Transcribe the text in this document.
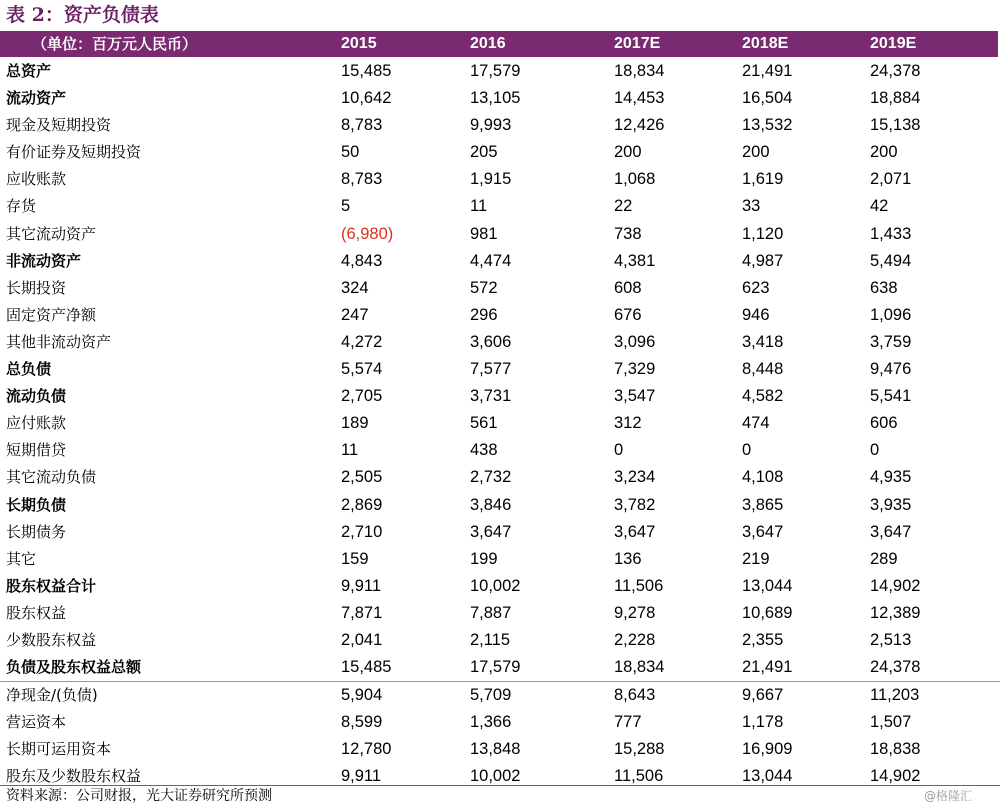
表 2：资产负债表
（单位：百万元人民币）	2015	2016	2017E	2018E	2019E
总资产	15,485	17,579	18,834	21,491	24,378
流动资产	10,642	13,105	14,453	16,504	18,884
现金及短期投资	8,783	9,993	12,426	13,532	15,138
有价证券及短期投资	50	205	200	200	200
应收账款	8,783	1,915	1,068	1,619	2,071
存货	5	11	22	33	42
其它流动资产	(6,980)	981	738	1,120	1,433
非流动资产	4,843	4,474	4,381	4,987	5,494
长期投资	324	572	608	623	638
固定资产净额	247	296	676	946	1,096
其他非流动资产	4,272	3,606	3,096	3,418	3,759
总负债	5,574	7,577	7,329	8,448	9,476
流动负债	2,705	3,731	3,547	4,582	5,541
应付账款	189	561	312	474	606
短期借贷	11	438	0	0	0
其它流动负债	2,505	2,732	3,234	4,108	4,935
长期负债	2,869	3,846	3,782	3,865	3,935
长期债务	2,710	3,647	3,647	3,647	3,647
其它	159	199	136	219	289
股东权益合计	9,911	10,002	11,506	13,044	14,902
股东权益	7,871	7,887	9,278	10,689	12,389
少数股东权益	2,041	2,115	2,228	2,355	2,513
负债及股东权益总额	15,485	17,579	18,834	21,491	24,378
净现金/(负债)	5,904	5,709	8,643	9,667	11,203
营运资本	8,599	1,366	777	1,178	1,507
长期可运用资本	12,780	13,848	15,288	16,909	18,838
股东及少数股东权益	9,911	10,002	11,506	13,044	14,902
资料来源：公司财报，光大证券研究所预测	@格隆汇
